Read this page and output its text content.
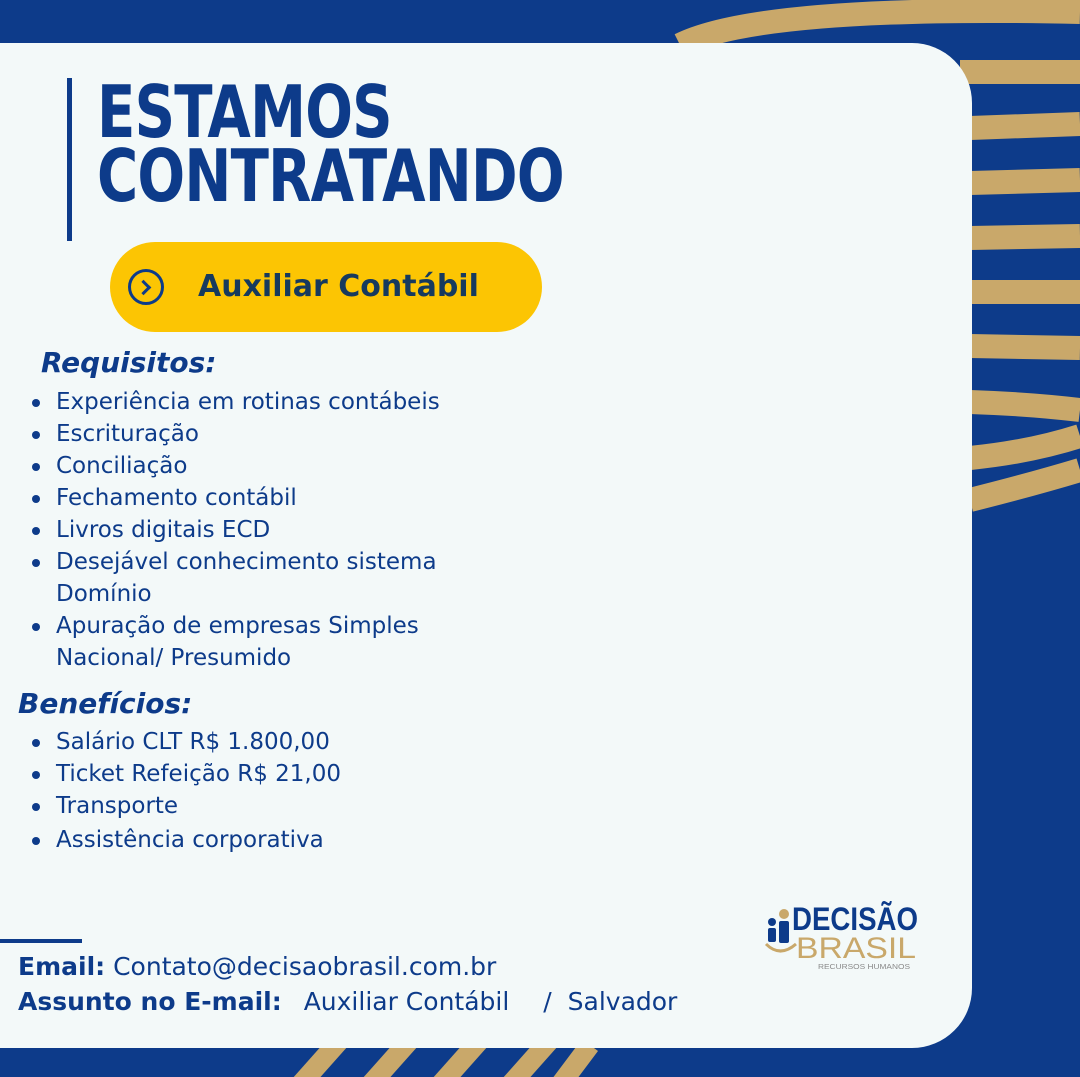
ESTAMOS
CONTRATANDO
Auxiliar Contábil
Requisitos:
Experiência em rotinas contábeis
Escrituração
Conciliação
Fechamento contábil
Livros digitais ECD
Desejável conhecimento sistema
Domínio
Apuração de empresas Simples
Nacional/ Presumido
Benefícios:
Salário CLT R$ 1.800,00
Ticket Refeição R$ 21,00
Transporte
Assistência corporativa
Email: Contato@decisaobrasil.com.br
Assunto no E-mail: Auxiliar Contábil / Salvador
DECISÃO
BRASIL
RECURSOS HUMANOS
